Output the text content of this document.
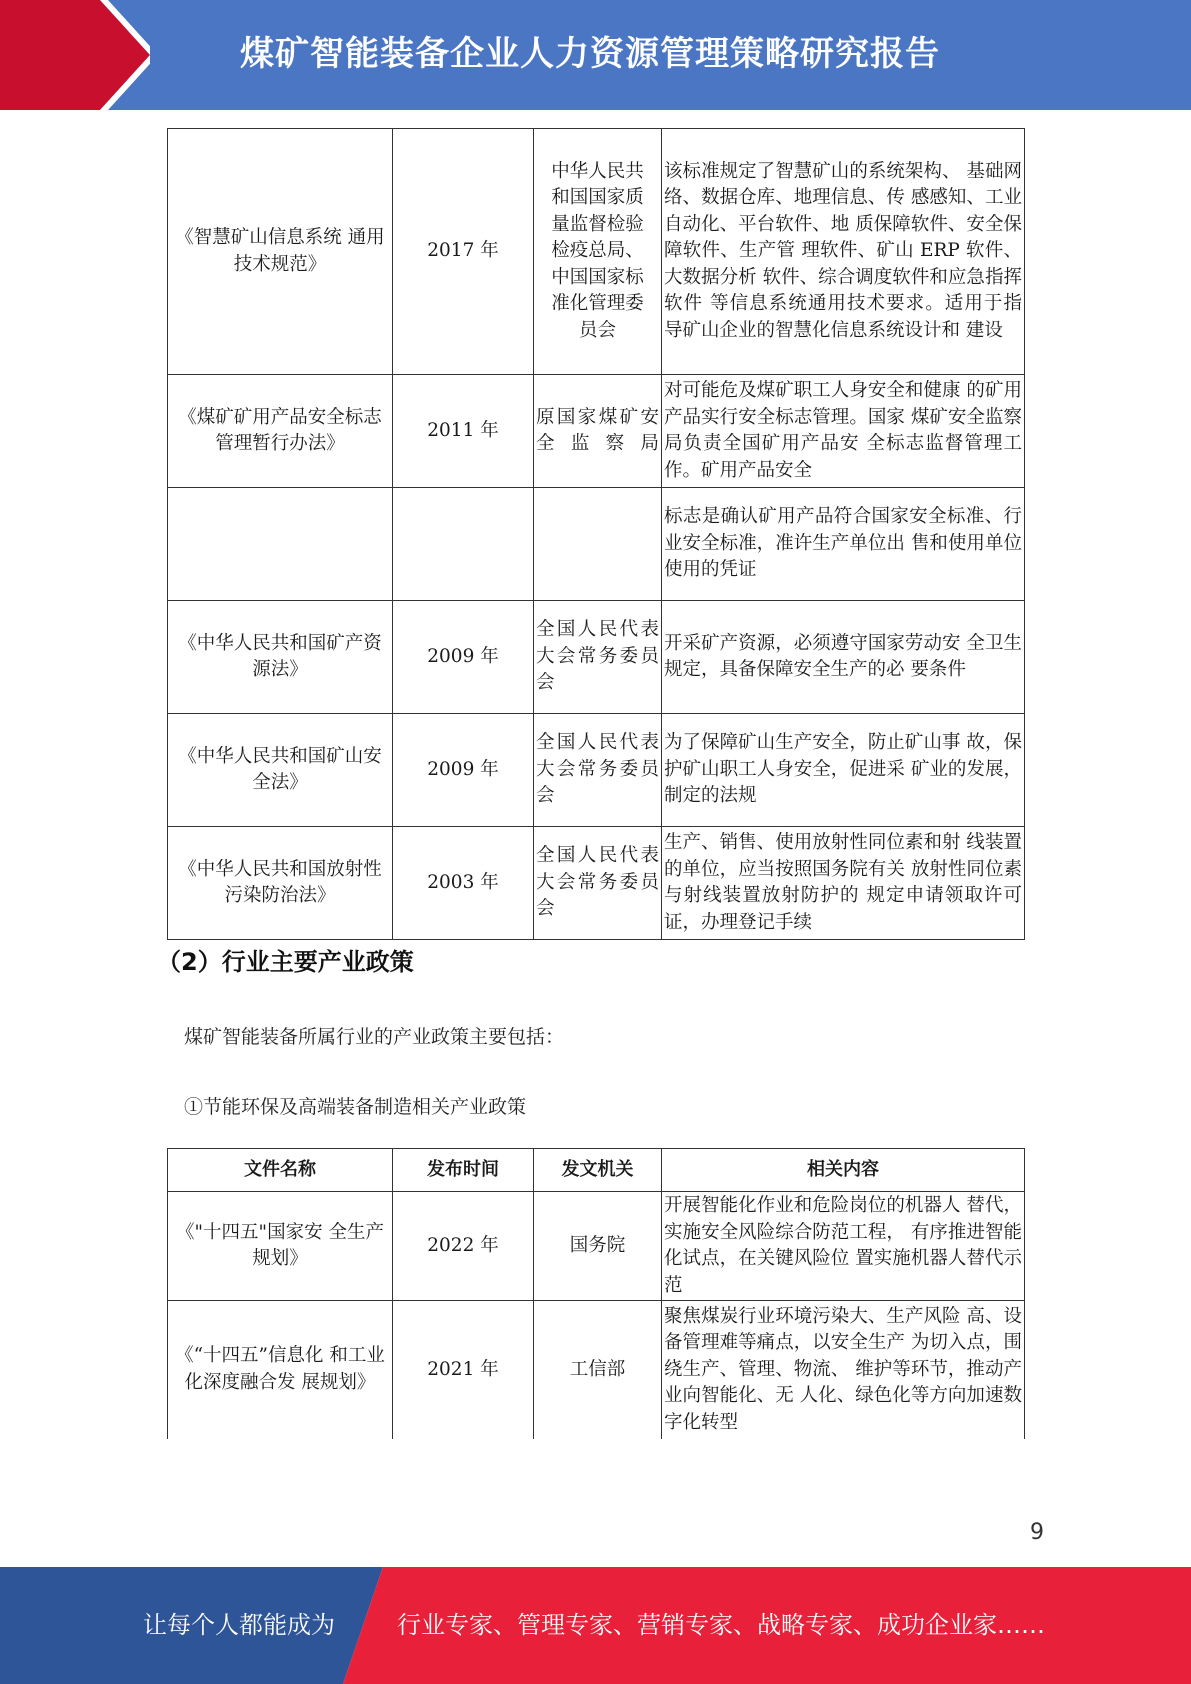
煤矿智能装备企业人力资源管理策略研究报告
《智慧矿山信息系统 通用技术规范》	2017 年	中华人民共和国国家质量监督检验检疫总局、中国国家标准化管理委员会	该标准规定了智慧矿山的系统架构、 基础网络、数据仓库、地理信息、传 感感知、工业自动化、平台软件、地 质保障软件、安全保障软件、生产管 理软件、矿山 ERP 软件、大数据分析 软件、综合调度软件和应急指挥软件 等信息系统通用技术要求。适用于指 导矿山企业的智慧化信息系统设计和 建设
《煤矿矿用产品安全标志管理暂行办法》	2011 年	原国家煤矿安全监察局	对可能危及煤矿职工人身安全和健康 的矿用产品实行安全标志管理。国家 煤矿安全监察局负责全国矿用产品安 全标志监督管理工作。矿用产品安全
			标志是确认矿用产品符合国家安全标准、行业安全标准，准许生产单位出 售和使用单位使用的凭证
《中华人民共和国矿产资源法》	2009 年	全国人民代表大会常务委员会	开采矿产资源，必须遵守国家劳动安 全卫生规定，具备保障安全生产的必 要条件
《中华人民共和国矿山安全法》	2009 年	全国人民代表大会常务委员会	为了保障矿山生产安全，防止矿山事 故，保护矿山职工人身安全，促进采 矿业的发展，制定的法规
《中华人民共和国放射性污染防治法》	2003 年	全国人民代表大会常务委员会	生产、销售、使用放射性同位素和射 线装置的单位，应当按照国务院有关 放射性同位素与射线装置放射防护的 规定申请领取许可证，办理登记手续
（2）行业主要产业政策
煤矿智能装备所属行业的产业政策主要包括：
①节能环保及高端装备制造相关产业政策
文件名称	发布时间	发文机关	相关内容
《"十四五"国家安 全生产规划》	2022 年	国务院	开展智能化作业和危险岗位的机器人 替代，实施安全风险综合防范工程， 有序推进智能化试点，在关键风险位 置实施机器人替代示范
《“十四五”信息化 和工业化深度融合发 展规划》	2021 年	工信部	聚焦煤炭行业环境污染大、生产风险 高、设备管理难等痛点，以安全生产 为切入点，围绕生产、管理、物流、 维护等环节，推动产业向智能化、无 人化、绿色化等方向加速数字化转型
9
让每个人都能成为	行业专家、管理专家、营销专家、战略专家、成功企业家……
